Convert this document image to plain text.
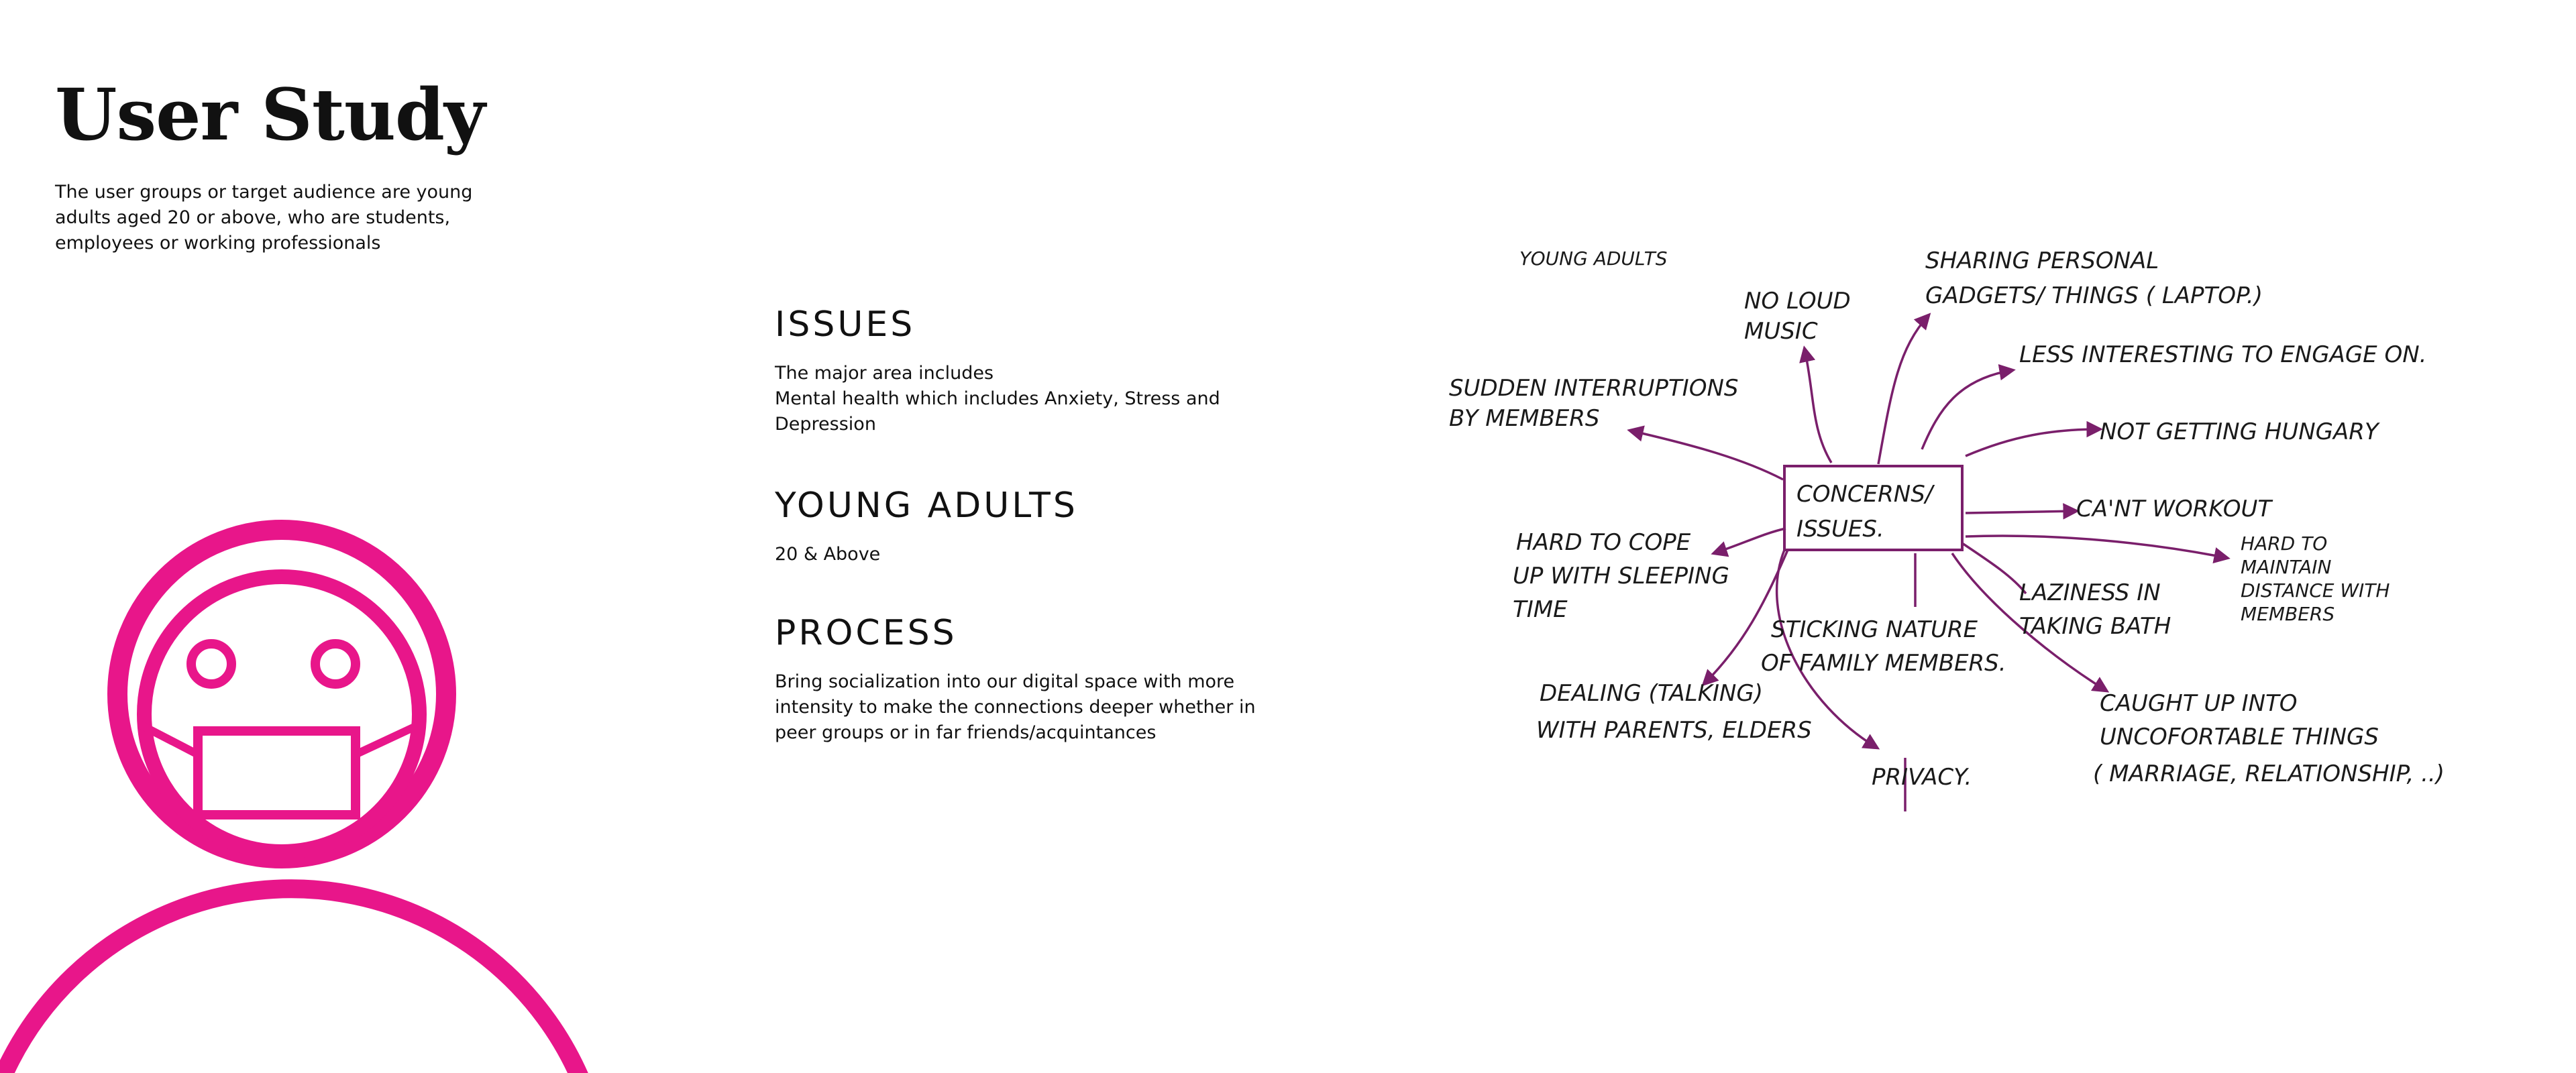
User Study

The user groups or target audience are young adults aged 20 or above, who are students, employees or working professionals

ISSUES

The major area includes
Mental health which includes Anxiety, Stress and Depression

YOUNG ADULTS

20 & Above

PROCESS

Bring socialization into our digital space with more intensity to make the connections deeper whether in peer groups or in far friends/acquintances

YOUNG ADULTS
CONCERNS/ ISSUES.
NO LOUD MUSIC
SHARING PERSONAL GADGETS/ THINGS ( LAPTOP.)
LESS INTERESTING TO ENGAGE ON.
NOT GETTING HUNGARY
CA'NT WORKOUT
HARD TO MAINTAIN DISTANCE WITH MEMBERS
LAZINESS IN TAKING BATH
CAUGHT UP INTO UNCOFORTABLE THINGS ( MARRIAGE, RELATIONSHIP, ..)
PRIVACY.
STICKING NATURE OF FAMILY MEMBERS.
DEALING (TALKING) WITH PARENTS, ELDERS
HARD TO COPE UP WITH SLEEPING TIME
SUDDEN INTERRUPTIONS BY MEMBERS
